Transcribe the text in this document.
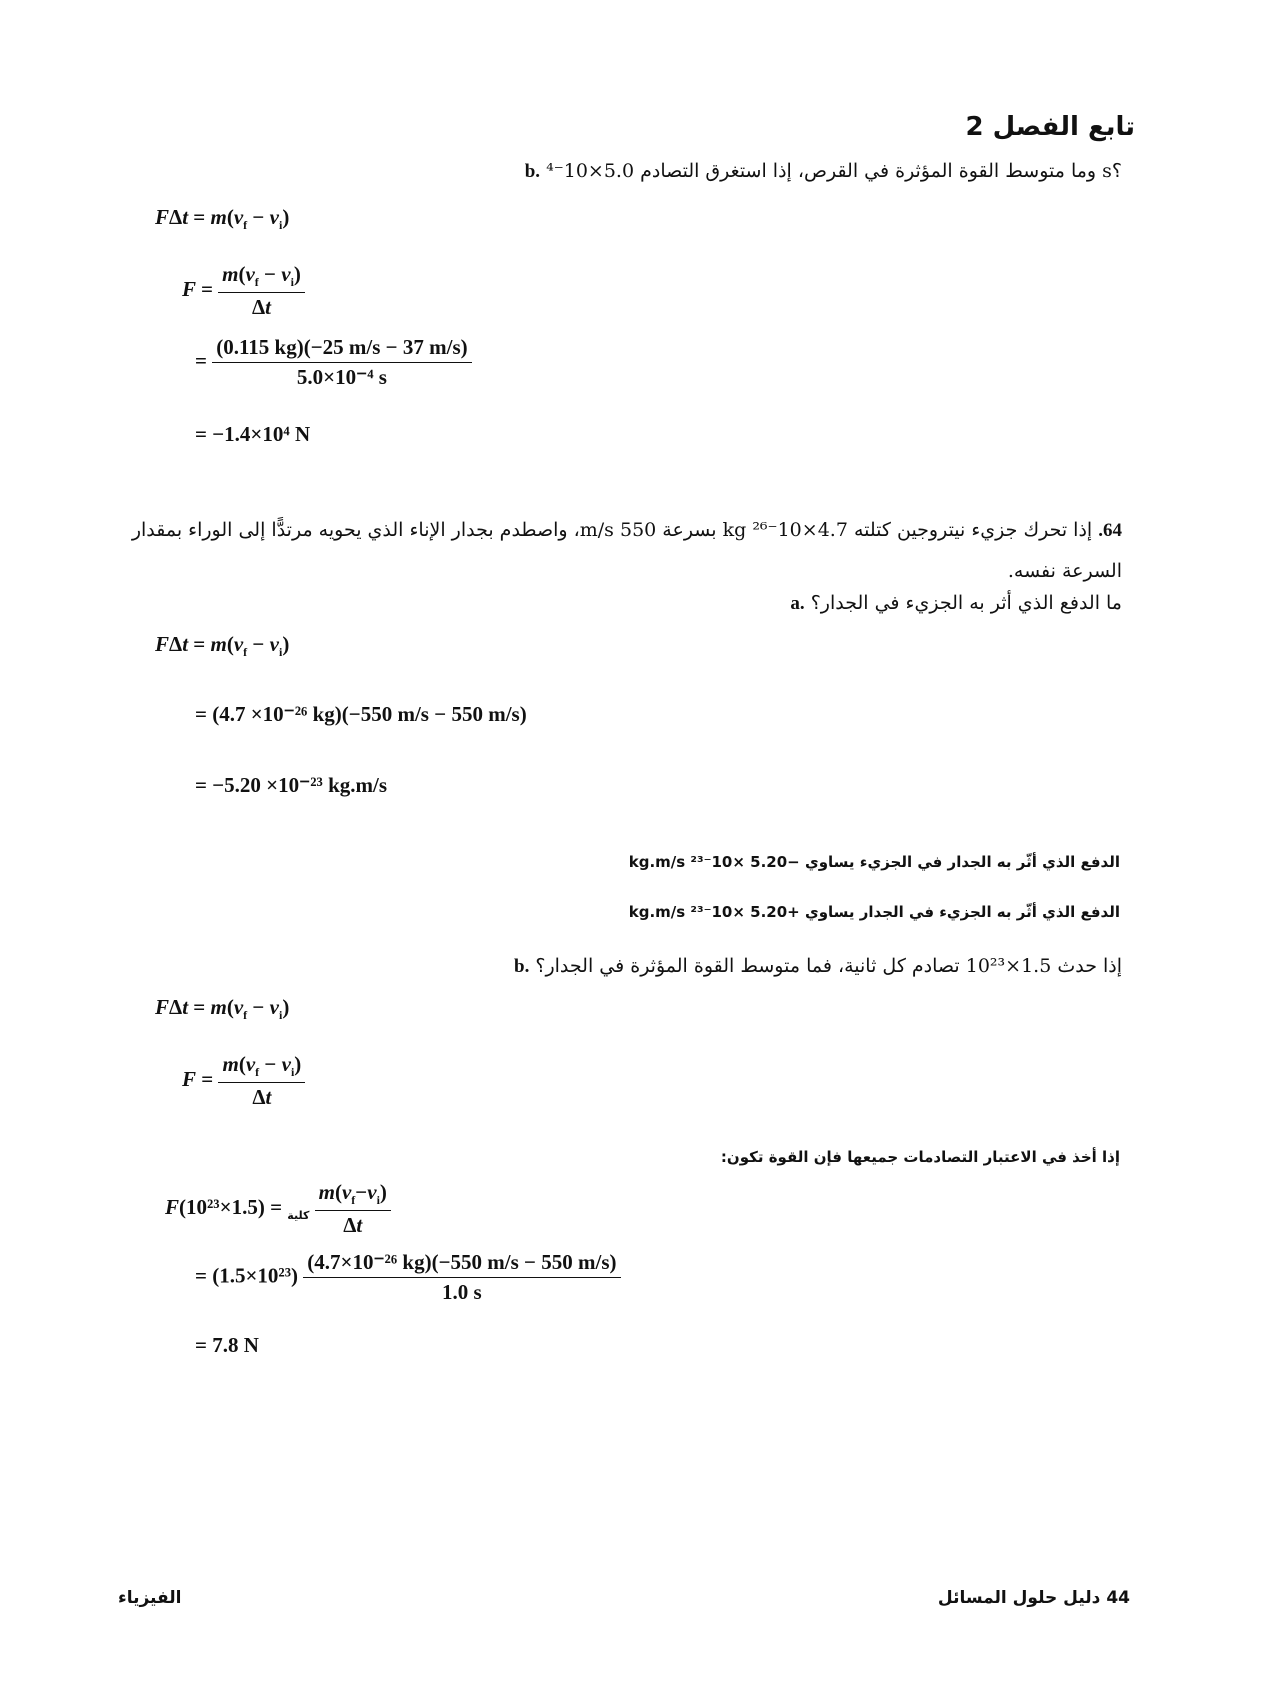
تابع الفصل 2
b. وما متوسط القوة المؤثرة في القرص، إذا استغرق التصادم 5.0×10⁻⁴ s؟
$F\Delta t = m(v_f - v_i)$
$F = \frac{m(v_f - v_i)}{\Delta t}$
= $\frac{(0.115 kg)(-25 m/s - 37 m/s)}{\text{5.0×10⁻⁴ s}}$
= −1.4×10⁴ N
64. إذا تحرك جزيء نيتروجين كتلته 4.7×10⁻²⁶ kg بسرعة 550 m/s، واصطدم بجدار الإناء الذي يحويه مرتدًّا إلى الوراء بمقدار السرعة نفسه.
a. ما الدفع الذي أثر به الجزيء في الجدار؟
$F\Delta t = m(v_f - v_i)$
= (4.7 ×10⁻²⁶ kg)(−550 m/s − 550 m/s)
= −5.20 ×10⁻²³ kg.m/s
الدفع الذي أثّر به الجدار في الجزيء يساوي −5.20 ×10⁻²³ kg.m/s
الدفع الذي أثّر به الجزيء في الجدار يساوي +5.20 ×10⁻²³ kg.m/s
b. إذا حدث 1.5×10²³ تصادم كل ثانية، فما متوسط القوة المؤثرة في الجدار؟
$F\Delta t = m(v_f - v_i)$
$F = \frac{m(v_f - v_i)}{\Delta t}$
إذا أخذ في الاعتبار التصادمات جميعها فإن القوة تكون:
F	$_{كلية} = (1.5\times 10^{23}) \frac{m(v_f-v_i)}{\Delta t}$
= $(1.5\times 10^{23}) \frac{\text{(4.7×10⁻²⁶ kg)(−550 m/s − 550 m/s)}}{1.0 s}$
= 7.8 N
44 دليل حلول المسائل
الفيزياء
